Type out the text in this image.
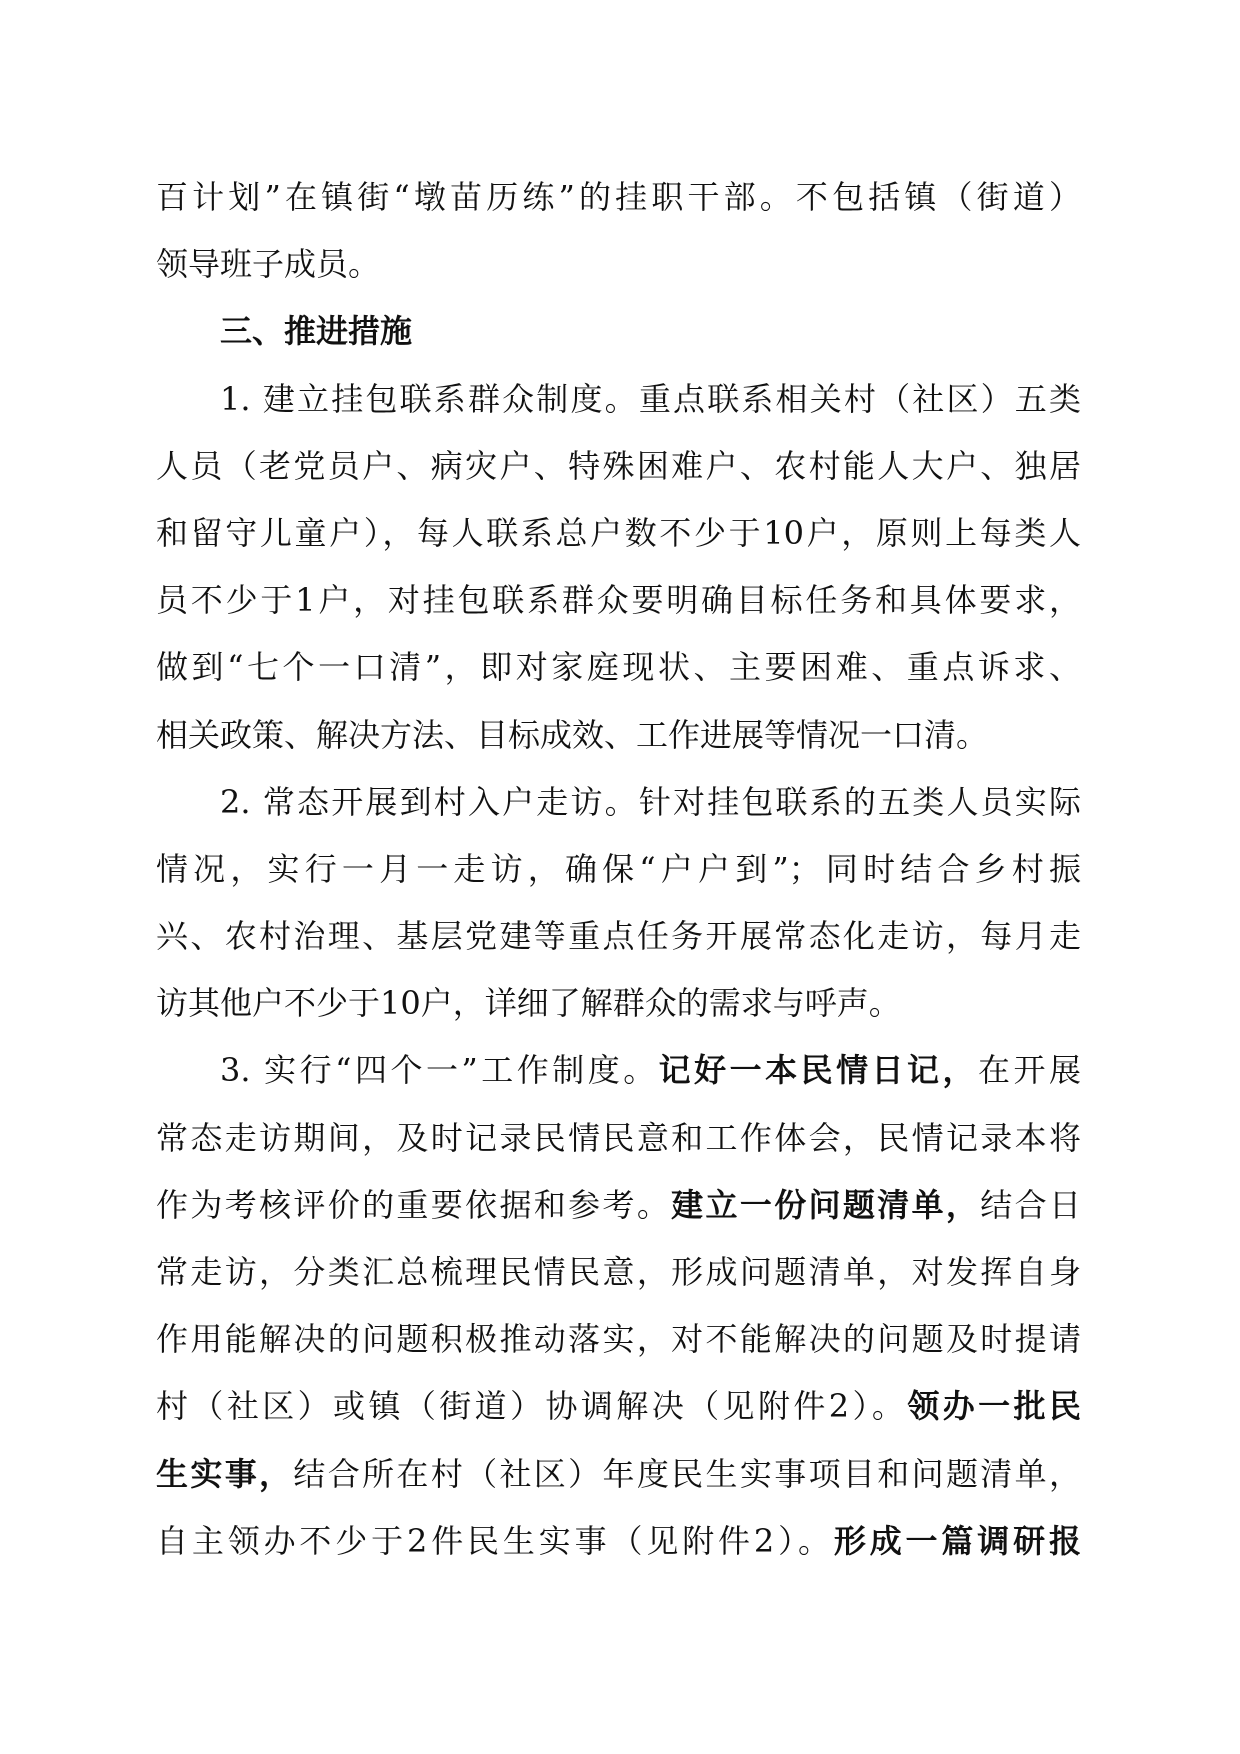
百计划”在镇街“墩苗历练”的挂职干部。不包括镇（街道）
领导班子成员。
三、推进措施
1. 建立挂包联系群众制度。重点联系相关村（社区）五类
人员（老党员户、病灾户、特殊困难户、农村能人大户、独居
和留守儿童户），每人联系总户数不少于10户，原则上每类人
员不少于1户，对挂包联系群众要明确目标任务和具体要求，
做到“七个一口清”，即对家庭现状、主要困难、重点诉求、
相关政策、解决方法、目标成效、工作进展等情况一口清。
2. 常态开展到村入户走访。针对挂包联系的五类人员实际
情况，实行一月一走访，确保“户户到”；同时结合乡村振
兴、农村治理、基层党建等重点任务开展常态化走访，每月走
访其他户不少于10户，详细了解群众的需求与呼声。
3. 实行“四个一”工作制度。记好一本民情日记，在开展
常态走访期间，及时记录民情民意和工作体会，民情记录本将
作为考核评价的重要依据和参考。建立一份问题清单，结合日
常走访，分类汇总梳理民情民意，形成问题清单，对发挥自身
作用能解决的问题积极推动落实，对不能解决的问题及时提请
村（社区）或镇（街道）协调解决（见附件2）。领办一批民
生实事，结合所在村（社区）年度民生实事项目和问题清单，
自主领办不少于2件民生实事（见附件2）。形成一篇调研报
